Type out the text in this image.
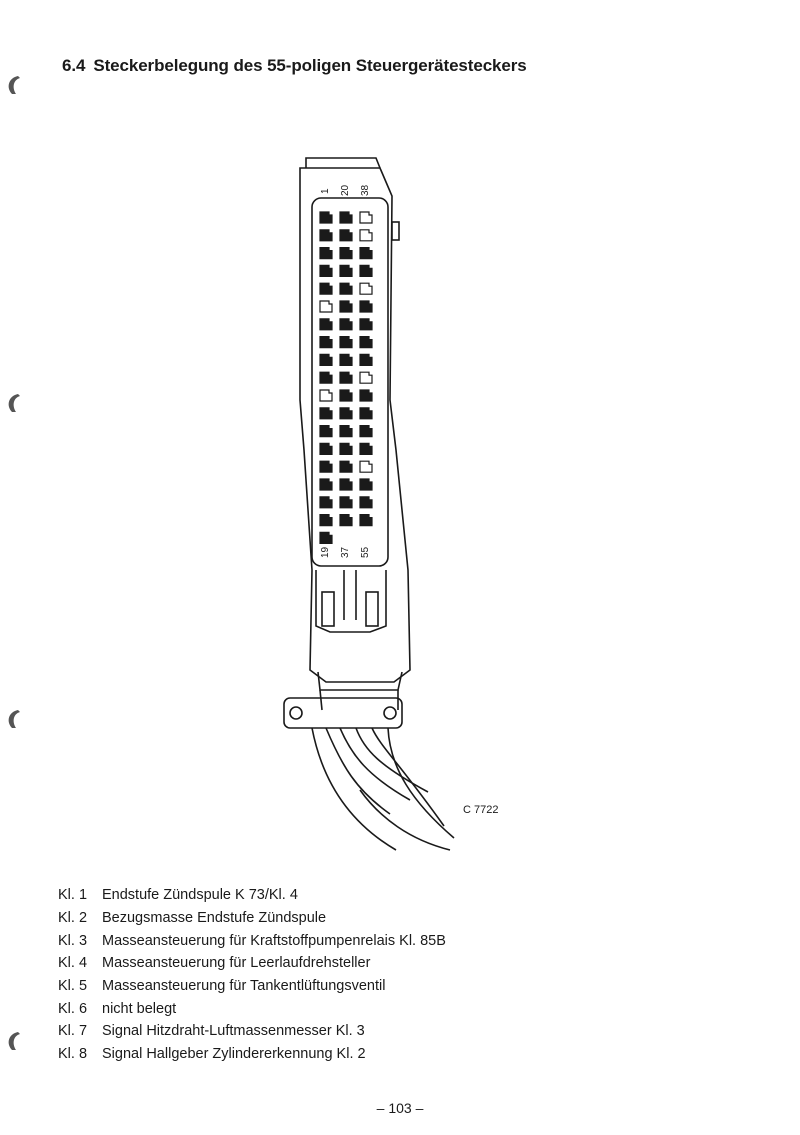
6.4 Steckerbelegung des 55-poligen Steuergerätesteckers
1 20 38
19 37 55
C 7722
Kl. 1	Endstufe Zündspule K 73/Kl. 4
Kl. 2	Bezugsmasse Endstufe Zündspule
Kl. 3	Masseansteuerung für Kraftstoffpumpenrelais Kl. 85B
Kl. 4	Masseansteuerung für Leerlaufdrehsteller
Kl. 5	Masseansteuerung für Tankentlüftungsventil
Kl. 6	nicht belegt
Kl. 7	Signal Hitzdraht-Luftmassenmesser Kl. 3
Kl. 8	Signal Hallgeber Zylindererkennung Kl. 2
– 103 –
